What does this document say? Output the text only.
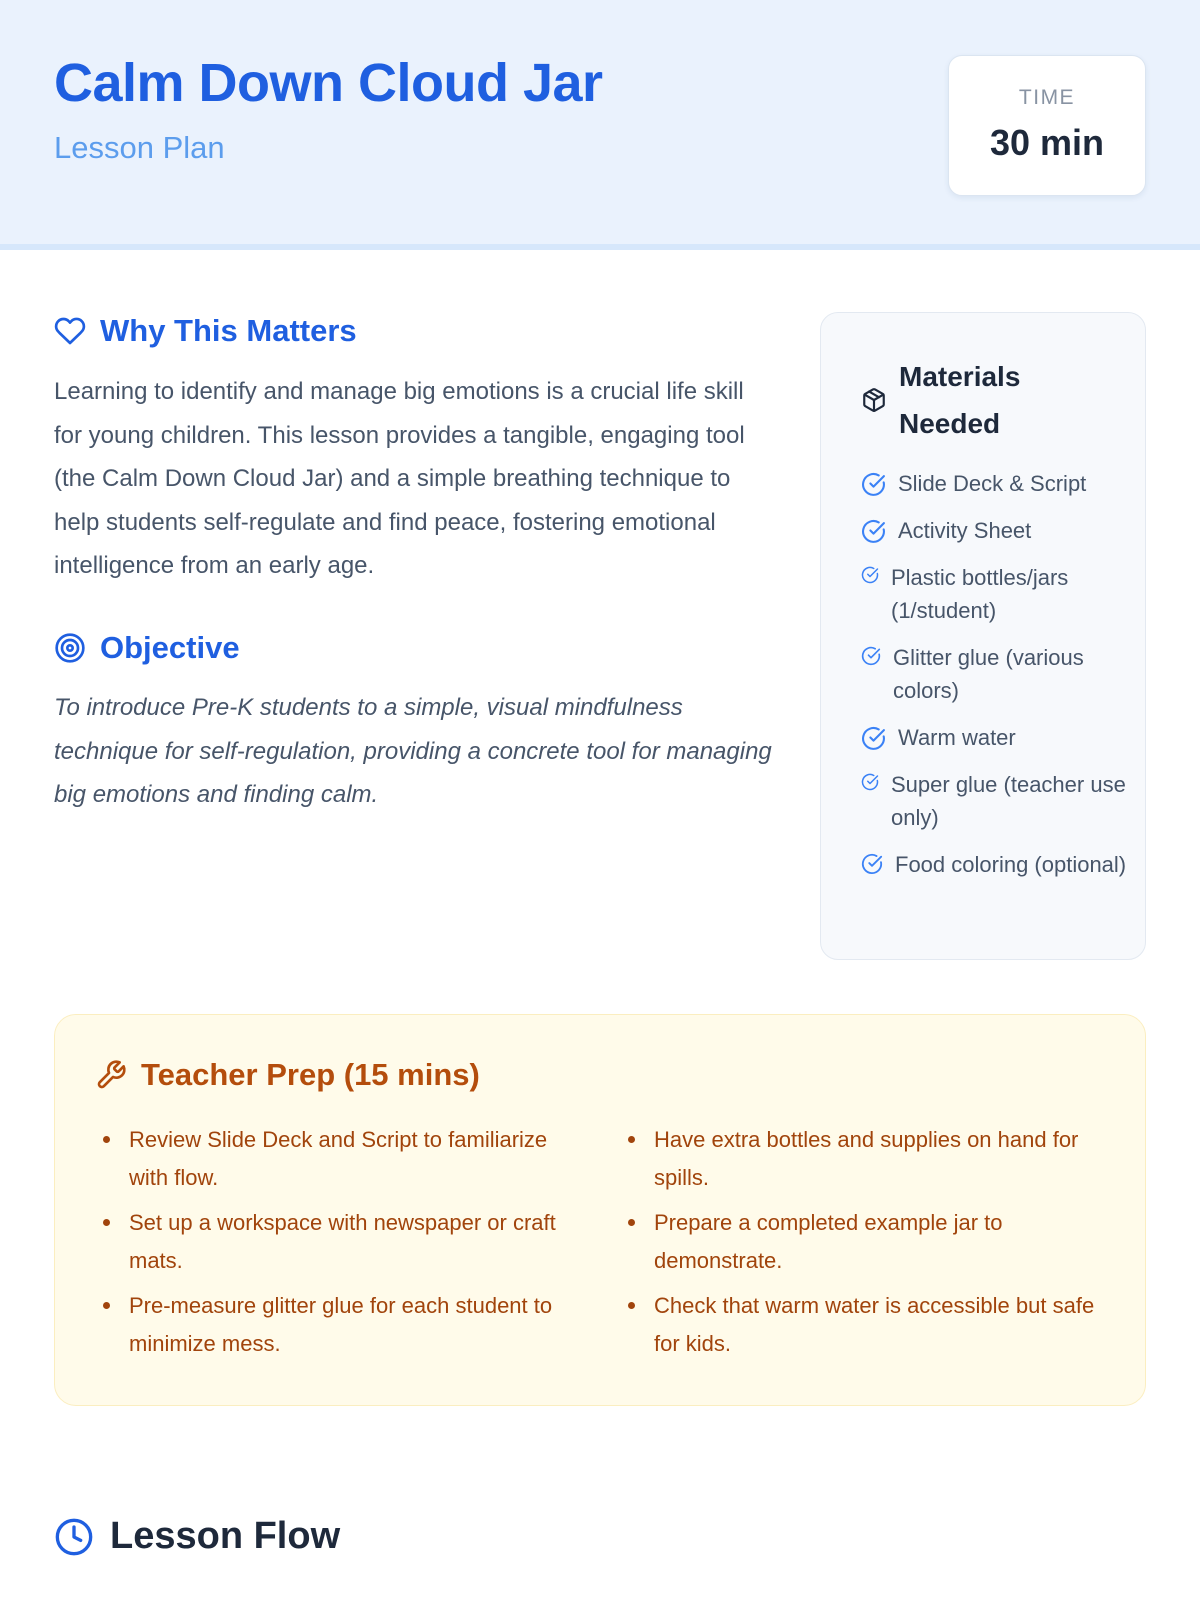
Calm Down Cloud Jar
Lesson Plan
TIME
30 min
Why This Matters

Learning to identify and manage big emotions is a crucial life skill for young children. This lesson provides a tangible, engaging tool (the Calm Down Cloud Jar) and a simple breathing technique to help students self-regulate and find peace, fostering emotional intelligence from an early age.

Objective

To introduce Pre-K students to a simple, visual mindfulness technique for self-regulation, providing a concrete tool for managing big emotions and finding calm.

Materials Needed
Slide Deck & Script
Activity Sheet
Plastic bottles/jars (1/student)
Glitter glue (various colors)
Warm water
Super glue (teacher use only)
Food coloring (optional)
Teacher Prep (15 mins)
Review Slide Deck and Script to familiarize with flow.
Set up a workspace with newspaper or craft mats.
Pre-measure glitter glue for each student to minimize mess.
Have extra bottles and supplies on hand for spills.
Prepare a completed example jar to demonstrate.
Check that warm water is accessible but safe for kids.
Lesson Flow
